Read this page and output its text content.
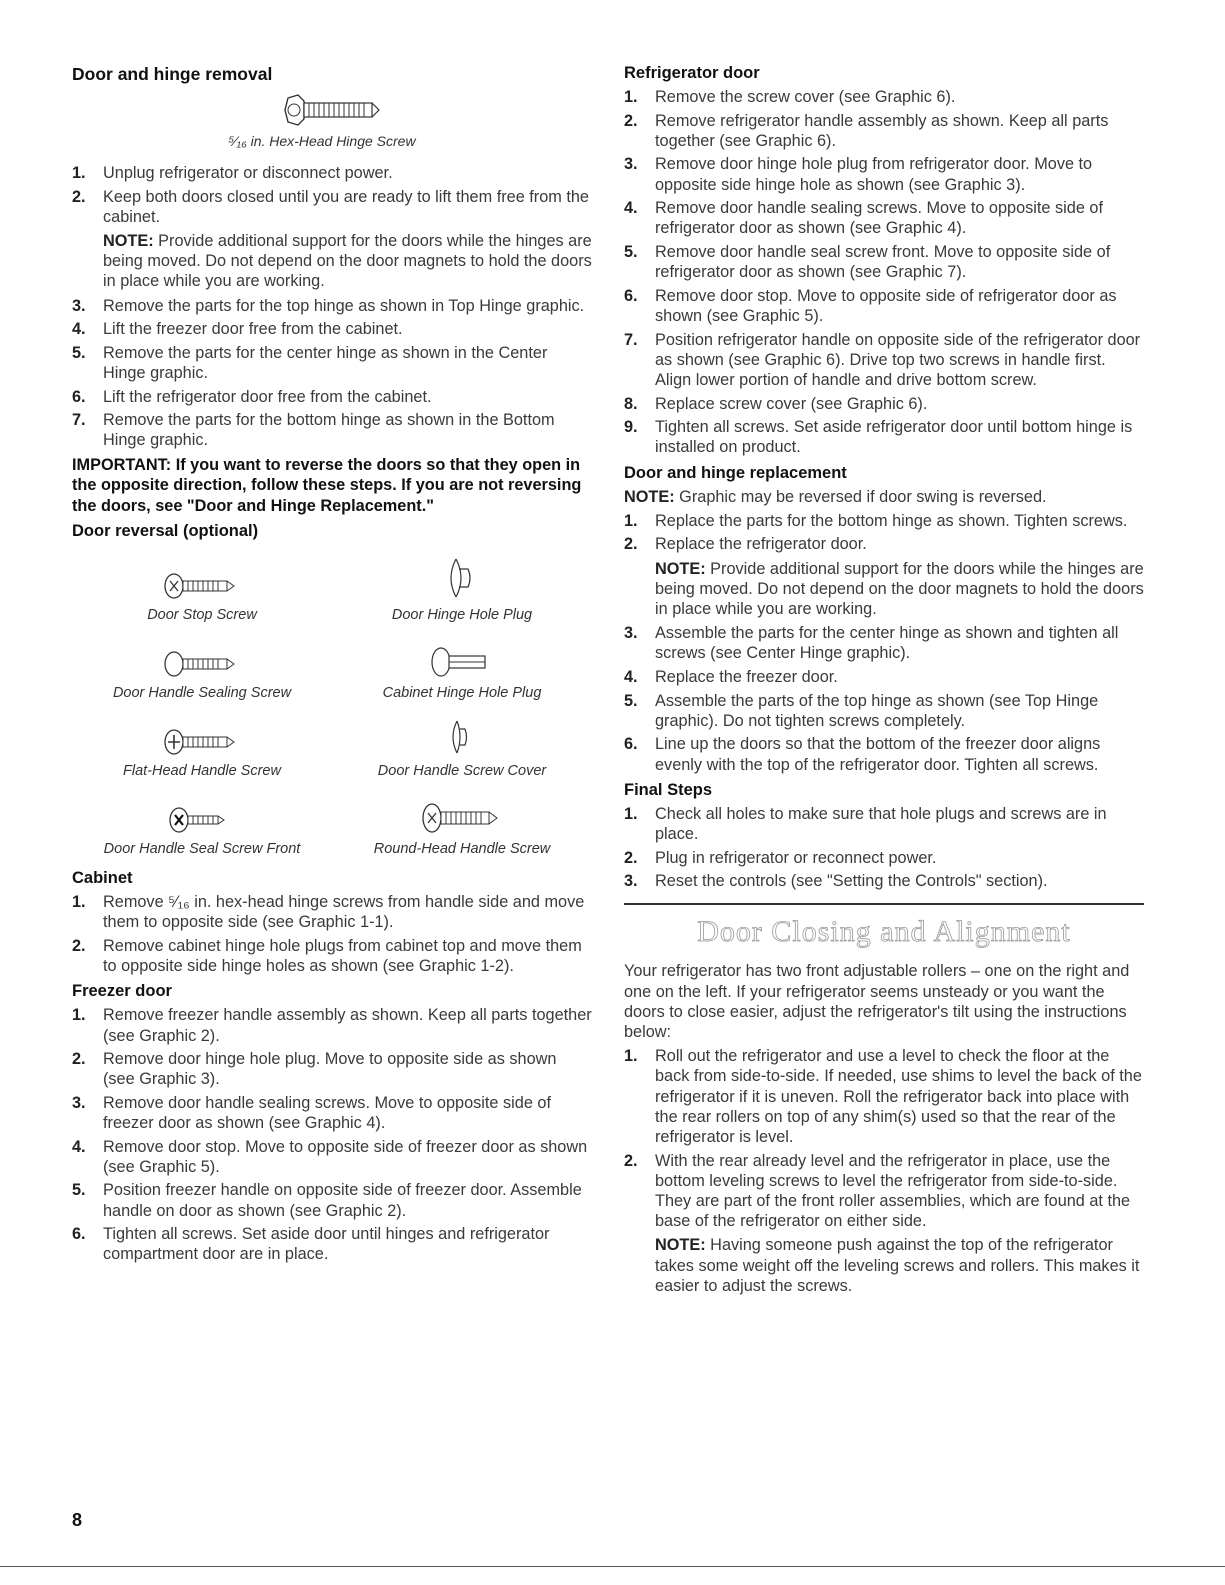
Door and hinge removal
⁵⁄₁₆ in. Hex-Head Hinge Screw
1. Unplug refrigerator or disconnect power.
2. Keep both doors closed until you are ready to lift them free from the cabinet.
NOTE: Provide additional support for the doors while the hinges are being moved. Do not depend on the door magnets to hold the doors in place while you are working.
3. Remove the parts for the top hinge as shown in Top Hinge graphic.
4. Lift the freezer door free from the cabinet.
5. Remove the parts for the center hinge as shown in the Center Hinge graphic.
6. Lift the refrigerator door free from the cabinet.
7. Remove the parts for the bottom hinge as shown in the Bottom Hinge graphic.
IMPORTANT: If you want to reverse the doors so that they open in the opposite direction, follow these steps. If you are not reversing the doors, see "Door and Hinge Replacement."
Door reversal (optional)
Door Stop Screw	Door Hinge Hole Plug
Door Handle Sealing Screw	Cabinet Hinge Hole Plug
Flat-Head Handle Screw	Door Handle Screw Cover
Door Handle Seal Screw Front	Round-Head Handle Screw
Cabinet
1. Remove ⁵⁄₁₆ in. hex-head hinge screws from handle side and move them to opposite side (see Graphic 1-1).
2. Remove cabinet hinge hole plugs from cabinet top and move them to opposite side hinge holes as shown (see Graphic 1-2).
Freezer door
1. Remove freezer handle assembly as shown. Keep all parts together (see Graphic 2).
2. Remove door hinge hole plug. Move to opposite side as shown (see Graphic 3).
3. Remove door handle sealing screws. Move to opposite side of freezer door as shown (see Graphic 4).
4. Remove door stop. Move to opposite side of freezer door as shown (see Graphic 5).
5. Position freezer handle on opposite side of freezer door. Assemble handle on door as shown (see Graphic 2).
6. Tighten all screws. Set aside door until hinges and refrigerator compartment door are in place.
Refrigerator door
1. Remove the screw cover (see Graphic 6).
2. Remove refrigerator handle assembly as shown. Keep all parts together (see Graphic 6).
3. Remove door hinge hole plug from refrigerator door. Move to opposite side hinge hole as shown (see Graphic 3).
4. Remove door handle sealing screws. Move to opposite side of refrigerator door as shown (see Graphic 4).
5. Remove door handle seal screw front. Move to opposite side of refrigerator door as shown (see Graphic 7).
6. Remove door stop. Move to opposite side of refrigerator door as shown (see Graphic 5).
7. Position refrigerator handle on opposite side of the refrigerator door as shown (see Graphic 6). Drive top two screws in handle first. Align lower portion of handle and drive bottom screw.
8. Replace screw cover (see Graphic 6).
9. Tighten all screws. Set aside refrigerator door until bottom hinge is installed on product.
Door and hinge replacement

NOTE: Graphic may be reversed if door swing is reversed.

1. Replace the parts for the bottom hinge as shown. Tighten screws.
2. Replace the refrigerator door.
NOTE: Provide additional support for the doors while the hinges are being moved. Do not depend on the door magnets to hold the doors in place while you are working.
3. Assemble the parts for the center hinge as shown and tighten all screws (see Center Hinge graphic).
4. Replace the freezer door.
5. Assemble the parts of the top hinge as shown (see Top Hinge graphic). Do not tighten screws completely.
6. Line up the doors so that the bottom of the freezer door aligns evenly with the top of the refrigerator door. Tighten all screws.
Final Steps
1. Check all holes to make sure that hole plugs and screws are in place.
2. Plug in refrigerator or reconnect power.
3. Reset the controls (see "Setting the Controls" section).
Door Closing and Alignment

Your refrigerator has two front adjustable rollers – one on the right and one on the left. If your refrigerator seems unsteady or you want the doors to close easier, adjust the refrigerator's tilt using the instructions below:

1. Roll out the refrigerator and use a level to check the floor at the back from side-to-side. If needed, use shims to level the back of the refrigerator if it is uneven. Roll the refrigerator back into place with the rear rollers on top of any shim(s) used so that the rear of the refrigerator is level.
2. With the rear already level and the refrigerator in place, use the bottom leveling screws to level the refrigerator from side-to-side. They are part of the front roller assemblies, which are found at the base of the refrigerator on either side.
NOTE: Having someone push against the top of the refrigerator takes some weight off the leveling screws and rollers. This makes it easier to adjust the screws.
8
